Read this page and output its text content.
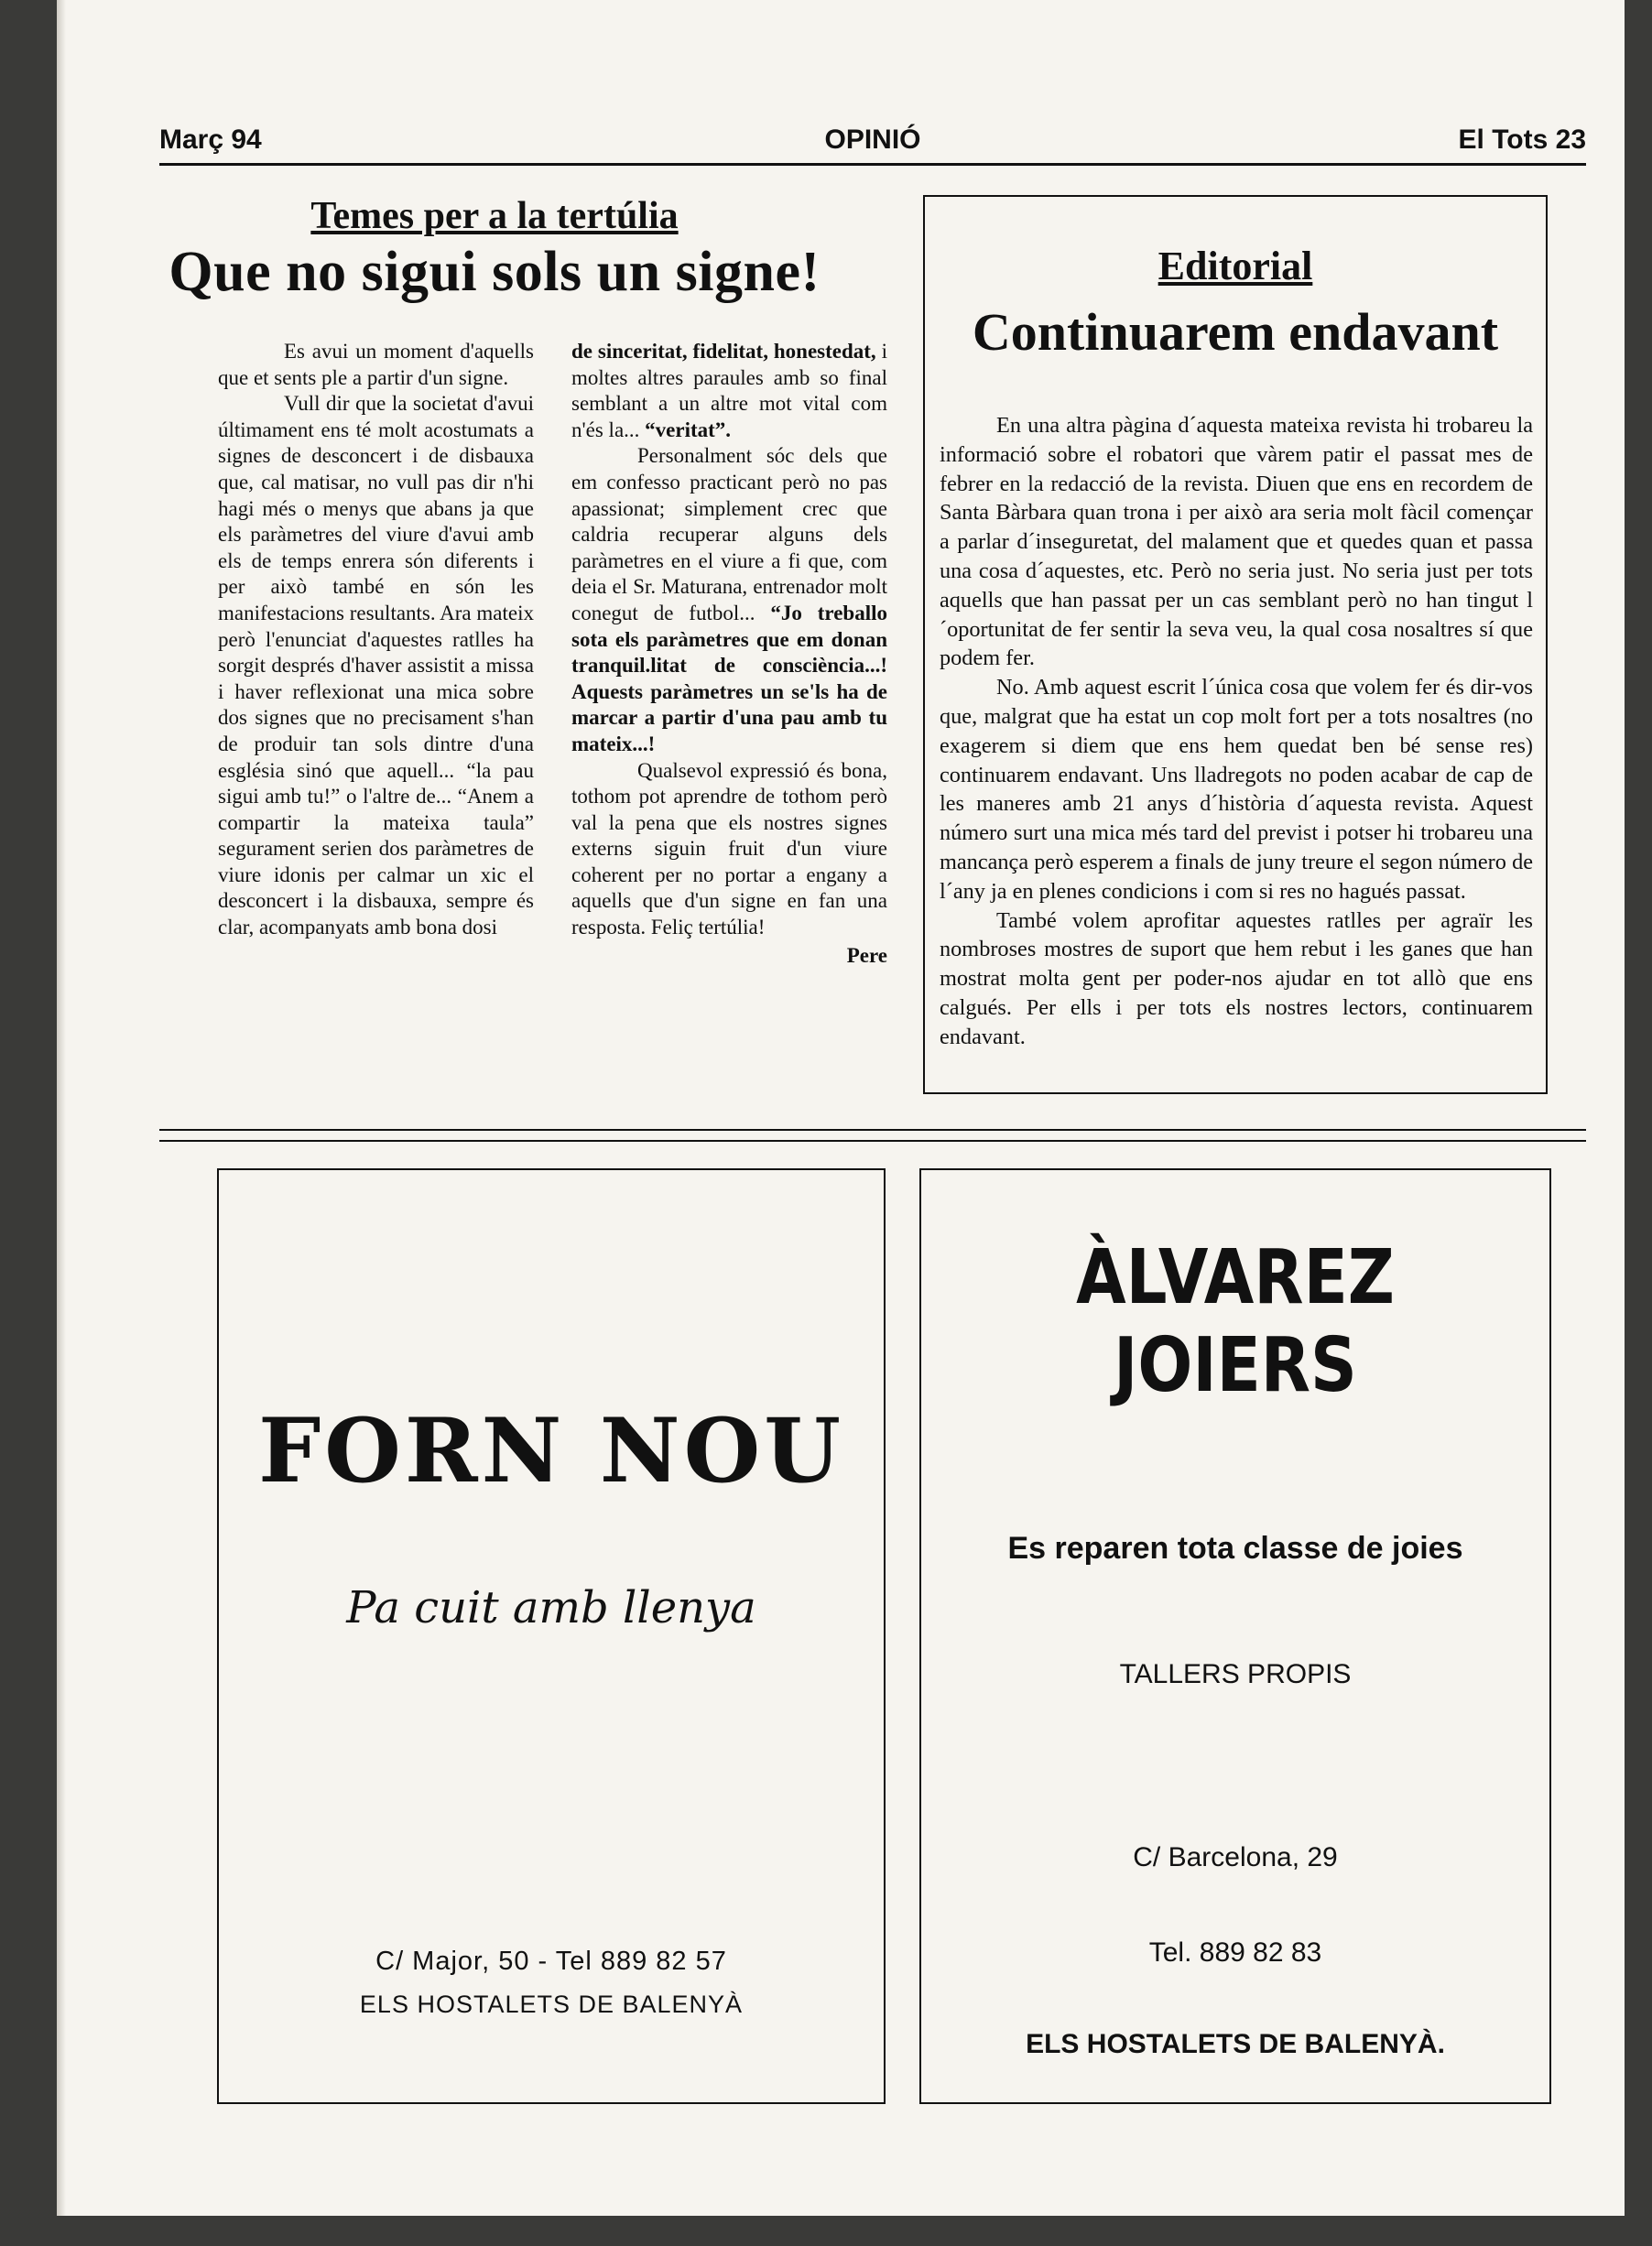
Març 94	OPINIÓ	El Tots 23
Temes per a la tertúlia
Que no sigui sols un signe!

Es avui un moment d'aquells que et sents ple a partir d'un signe.

Vull dir que la societat d'avui últimament ens té molt acostumats a signes de desconcert i de disbauxa que, cal matisar, no vull pas dir n'hi hagi més o menys que abans ja que els paràmetres del viure d'avui amb els de temps enrera són diferents i per això també en són les manifestacions resultants. Ara mateix però l'enunciat d'aquestes ratlles ha sorgit després d'haver assistit a missa i haver reflexionat una mica sobre dos signes que no precisament s'han de produir tan sols dintre d'una església sinó que aquell... “la pau sigui amb tu!” o l'altre de... “Anem a compartir la mateixa taula” segurament serien dos paràmetres de viure idonis per calmar un xic el desconcert i la disbauxa, sempre és clar, acompanyats amb bona dosi

de sinceritat, fidelitat, honestedat, i moltes altres paraules amb so final semblant a un altre mot vital com n'és la... “veritat”.

Personalment sóc dels que em confesso practicant però no pas apassionat; simplement crec que caldria recuperar alguns dels paràmetres en el viure a fi que, com deia el Sr. Maturana, entrenador molt conegut de futbol... “Jo treballo sota els paràmetres que em donan tranquil.litat de consciència...! Aquests paràmetres un se'ls ha de marcar a partir d'una pau amb tu mateix...!

Qualsevol expressió és bona, tothom pot aprendre de tothom però val la pena que els nostres signes externs siguin fruit d'un viure coherent per no portar a engany a aquells que d'un signe en fan una resposta. Feliç tertúlia!

Pere
Editorial
Continuarem endavant

En una altra pàgina d´aquesta mateixa revista hi trobareu la informació sobre el robatori que vàrem patir el passat mes de febrer en la redacció de la revista. Diuen que ens en recordem de Santa Bàrbara quan trona i per això ara seria molt fàcil començar a parlar d´inseguretat, del malament que et quedes quan et passa una cosa d´aquestes, etc. Però no seria just. No seria just per tots aquells que han passat per un cas semblant però no han tingut l´oportunitat de fer sentir la seva veu, la qual cosa nosaltres sí que podem fer.

No. Amb aquest escrit l´única cosa que volem fer és dir-vos que, malgrat que ha estat un cop molt fort per a tots nosaltres (no exagerem si diem que ens hem quedat ben bé sense res) continuarem endavant. Uns lladregots no poden acabar de cap de les maneres amb 21 anys d´història d´aquesta revista. Aquest número surt una mica més tard del previst i potser hi trobareu una mancança però esperem a finals de juny treure el segon número de l´any ja en plenes condicions i com si res no hagués passat.

També volem aprofitar aquestes ratlles per agraïr les nombroses mostres de suport que hem rebut i les ganes que han mostrat molta gent per poder-nos ajudar en tot allò que ens calgués. Per ells i per tots els nostres lectors, continuarem endavant.

FORN NOU
Pa cuit amb llenya
C/ Major, 50 - Tel 889 82 57
ELS HOSTALETS DE BALENYÀ
ÀLVAREZ
JOIERS
Es reparen tota classe de joies
TALLERS PROPIS
C/ Barcelona, 29
Tel. 889 82 83
ELS HOSTALETS DE BALENYÀ.
